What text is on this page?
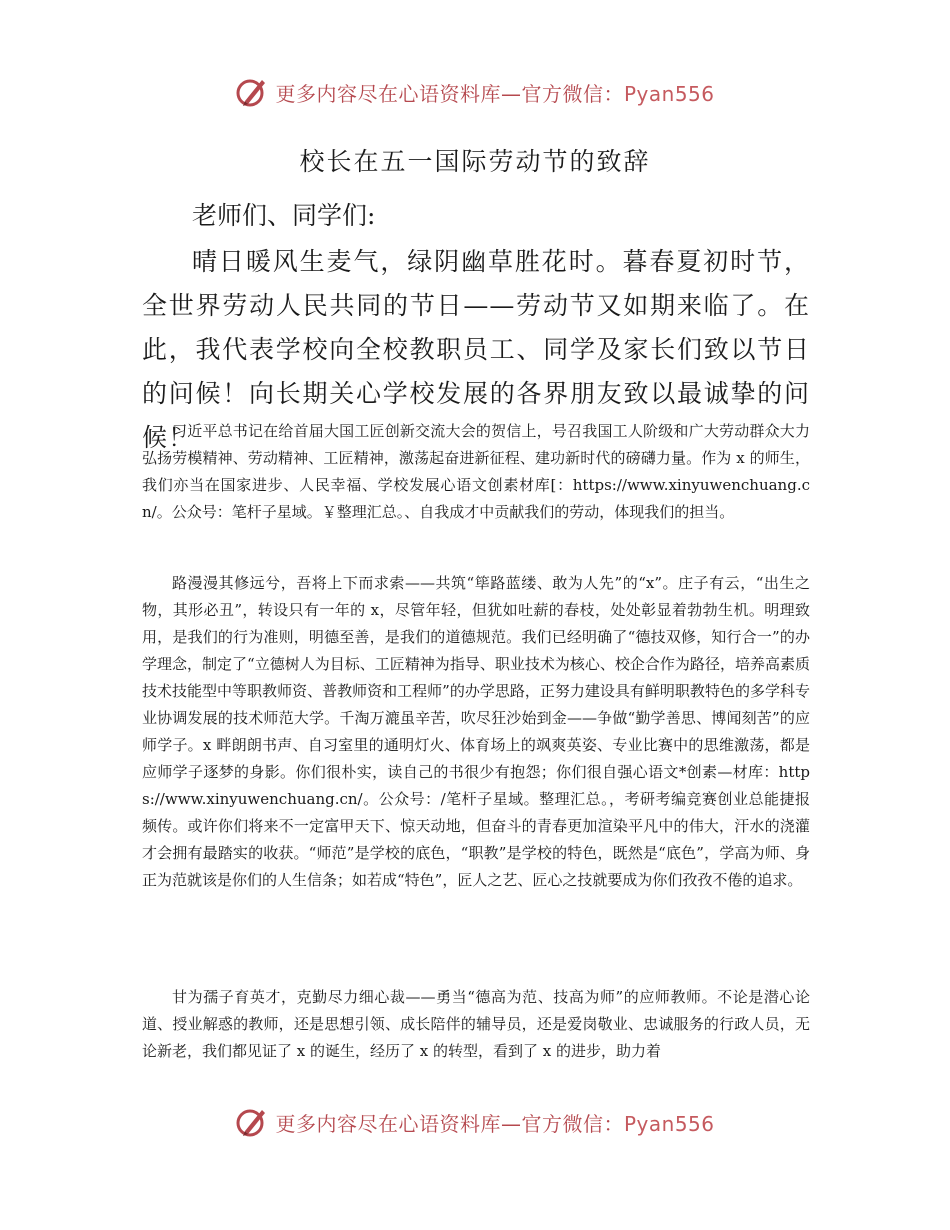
更多内容尽在心语资料库—官方微信：Pyan556
校长在五一国际劳动节的致辞

老师们、同学们:

晴日暖风生麦气，绿阴幽草胜花时。暮春夏初时节，全世界劳动人民共同的节日——劳动节又如期来临了。在此，我代表学校向全校教职员工、同学及家长们致以节日的问候！向长期关心学校发展的各界朋友致以最诚挚的问候！

习近平总书记在给首届大国工匠创新交流大会的贺信上，号召我国工人阶级和广大劳动群众大力弘扬劳模精神、劳动精神、工匠精神，激荡起奋进新征程、建功新时代的磅礴力量。作为 x 的师生，我们亦当在国家进步、人民幸福、学校发展心语文创素材库[：https://www.xinyuwenchuang.cn/。公众号：笔杆子星域。￥整理汇总。、自我成才中贡献我们的劳动，体现我们的担当。

路漫漫其修远兮，吾将上下而求索——共筑“筚路蓝缕、敢为人先”的“x”。庄子有云，“出生之物，其形必丑”，转设只有一年的 x，尽管年轻，但犹如吐薪的春枝，处处彰显着勃勃生机。明理致用，是我们的行为准则，明德至善，是我们的道德规范。我们已经明确了“德技双修，知行合一”的办学理念，制定了“立德树人为目标、工匠精神为指导、职业技术为核心、校企合作为路径，培养高素质技术技能型中等职教师资、普教师资和工程师”的办学思路，正努力建设具有鲜明职教特色的多学科专业协调发展的技术师范大学。千淘万漉虽辛苦，吹尽狂沙始到金——争做“勤学善思、博闻刻苦”的应师学子。x 畔朗朗书声、自习室里的通明灯火、体育场上的飒爽英姿、专业比赛中的思维激荡，都是应师学子逐梦的身影。你们很朴实，读自己的书很少有抱怨；你们很自强心语文*创素—材库：https://www.xinyuwenchuang.cn/。公众号：/笔杆子星域。整理汇总。，考研考编竞赛创业总能捷报频传。或许你们将来不一定富甲天下、惊天动地，但奋斗的青春更加渲染平凡中的伟大，汗水的浇灌才会拥有最踏实的收获。“师范”是学校的底色，“职教”是学校的特色，既然是“底色”，学高为师、身正为范就该是你们的人生信条；如若成“特色”，匠人之艺、匠心之技就要成为你们孜孜不倦的追求。

甘为孺子育英才，克勤尽力细心裁——勇当“德高为范、技高为师”的应师教师。不论是潜心论道、授业解惑的教师，还是思想引领、成长陪伴的辅导员，还是爱岗敬业、忠诚服务的行政人员，无论新老，我们都见证了 x 的诞生，经历了 x 的转型，看到了 x 的进步，助力着

更多内容尽在心语资料库—官方微信：Pyan556
